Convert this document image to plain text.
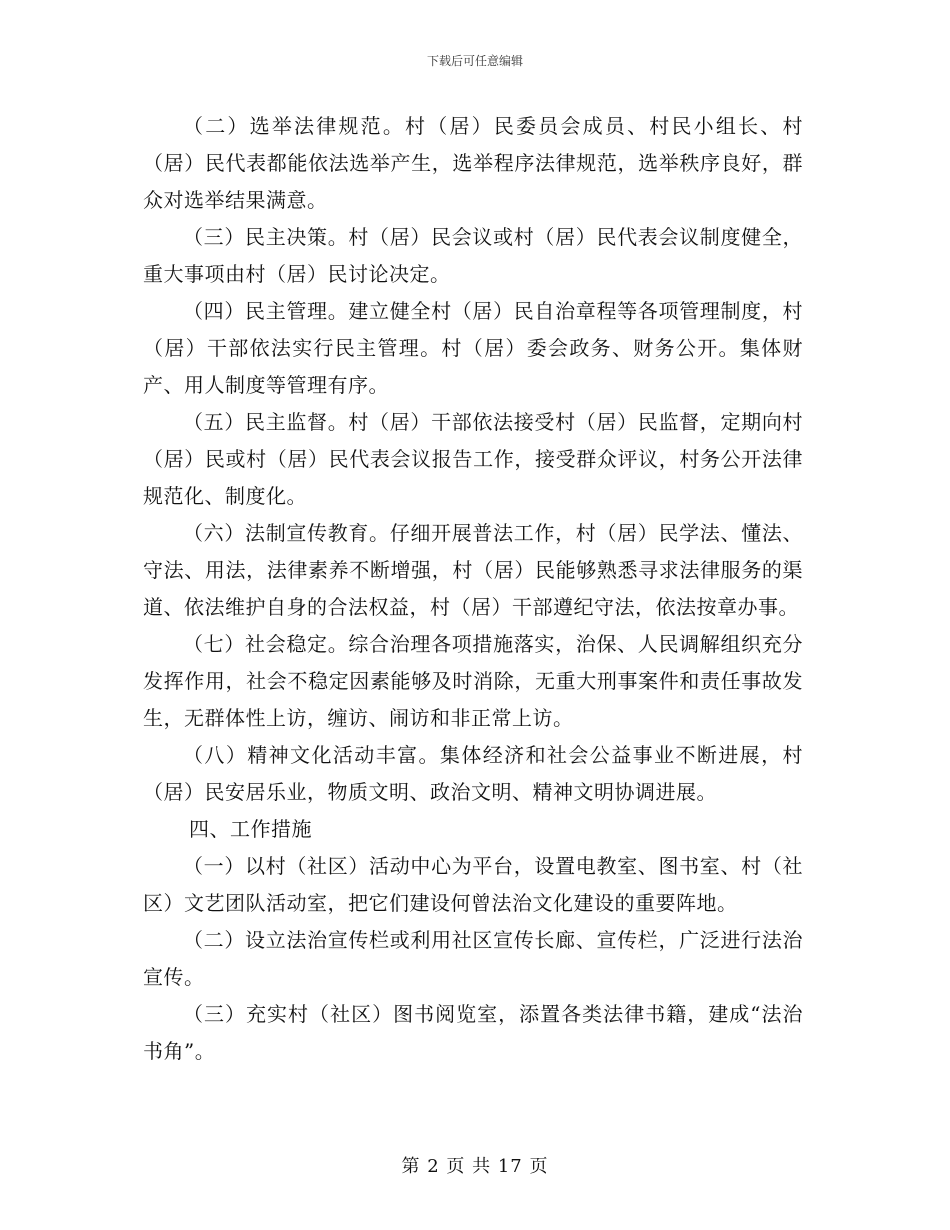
下载后可任意编辑

（二）选举法律规范。村（居）民委员会成员、村民小组长、村（居）民代表都能依法选举产生，选举程序法律规范，选举秩序良好，群众对选举结果满意。

（三）民主决策。村（居）民会议或村（居）民代表会议制度健全，重大事项由村（居）民讨论决定。

（四）民主管理。建立健全村（居）民自治章程等各项管理制度，村（居）干部依法实行民主管理。村（居）委会政务、财务公开。集体财产、用人制度等管理有序。

（五）民主监督。村（居）干部依法接受村（居）民监督，定期向村（居）民或村（居）民代表会议报告工作，接受群众评议，村务公开法律规范化、制度化。

（六）法制宣传教育。仔细开展普法工作，村（居）民学法、懂法、守法、用法，法律素养不断增强，村（居）民能够熟悉寻求法律服务的渠道、依法维护自身的合法权益，村（居）干部遵纪守法，依法按章办事。

（七）社会稳定。综合治理各项措施落实，治保、人民调解组织充分发挥作用，社会不稳定因素能够及时消除，无重大刑事案件和责任事故发生，无群体性上访，缠访、闹访和非正常上访。

（八）精神文化活动丰富。集体经济和社会公益事业不断进展，村（居）民安居乐业，物质文明、政治文明、精神文明协调进展。

四、工作措施

（一）以村（社区）活动中心为平台，设置电教室、图书室、村（社区）文艺团队活动室，把它们建设何曾法治文化建设的重要阵地。

（二）设立法治宣传栏或利用社区宣传长廊、宣传栏，广泛进行法治宣传。

（三）充实村（社区）图书阅览室，添置各类法律书籍，建成“法治书角”。

第 2 页 共 17 页
